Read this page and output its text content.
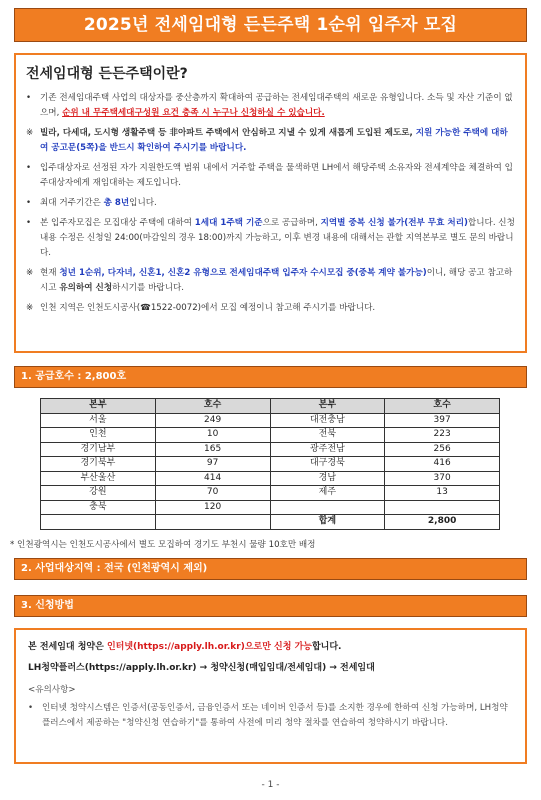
2025년 전세임대형 든든주택 1순위 입주자 모집
전세임대형 든든주택이란?
• 기존 전세임대주택 사업의 대상자를 중산층까지 확대하여 공급하는 전세임대주택의 새로운 유형입니다. 소득 및 자산 기준이 없으며, 순위 내 무주택세대구성원 요건 충족 시 누구나 신청하실 수 있습니다.
※ 빌라, 다세대, 도시형 생활주택 등 非아파트 주택에서 안심하고 지낼 수 있게 새롭게 도입된 제도로, 지원 가능한 주택에 대하여 공고문(5쪽)을 반드시 확인하여 주시기를 바랍니다.
• 입주대상자로 선정된 자가 지원한도액 범위 내에서 거주할 주택을 물색하면 LH에서 해당주택 소유자와 전세계약을 체결하여 입주대상자에게 재임대하는 제도입니다.
• 최대 거주기간은 총 8년입니다.
• 본 입주자모집은 모집대상 주택에 대하여 1세대 1주택 기준으로 공급하며, 지역별 중복 신청 불가(전부 무효 처리)합니다. 신청 내용 수정은 신청일 24:00(마감일의 경우 18:00)까지 가능하고, 이후 변경 내용에 대해서는 관할 지역본부로 별도 문의 바랍니다.
※ 현재 청년 1순위, 다자녀, 신혼1, 신혼2 유형으로 전세임대주택 입주자 수시모집 중(중복 계약 불가능)이니, 해당 공고 참고하시고 유의하여 신청하시기를 바랍니다.
※ 인천 지역은 인천도시공사(☎1522-0072)에서 모집 예정이니 참고해 주시기를 바랍니다.
1. 공급호수 : 2,800호
본부	호수	본부	호수
서울	249	대전충남	397
인천	10	전북	223
경기남부	165	광주전남	256
경기북부	97	대구경북	416
부산울산	414	경남	370
강원	70	제주	13
충북	120		
		합계	2,800
* 인천광역시는 인천도시공사에서 별도 모집하여 경기도 부천시 물량 10호만 배정
2. 사업대상지역 : 전국 (인천광역시 제외)
3. 신청방법
본 전세임대 청약은 인터넷(https://apply.lh.or.kr)으로만 신청 가능합니다.
LH청약플러스(https://apply.lh.or.kr) → 청약신청(매입임대/전세임대) → 전세임대
<유의사항>
• 인터넷 청약시스템은 인증서(공동인증서, 금융인증서 또는 네이버 인증서 등)를 소지한 경우에 한하여 신청 가능하며, LH청약플러스에서 제공하는 "청약신청 연습하기"를 통하여 사전에 미리 청약 절차를 연습하여 청약하시기 바랍니다.
- 1 -
